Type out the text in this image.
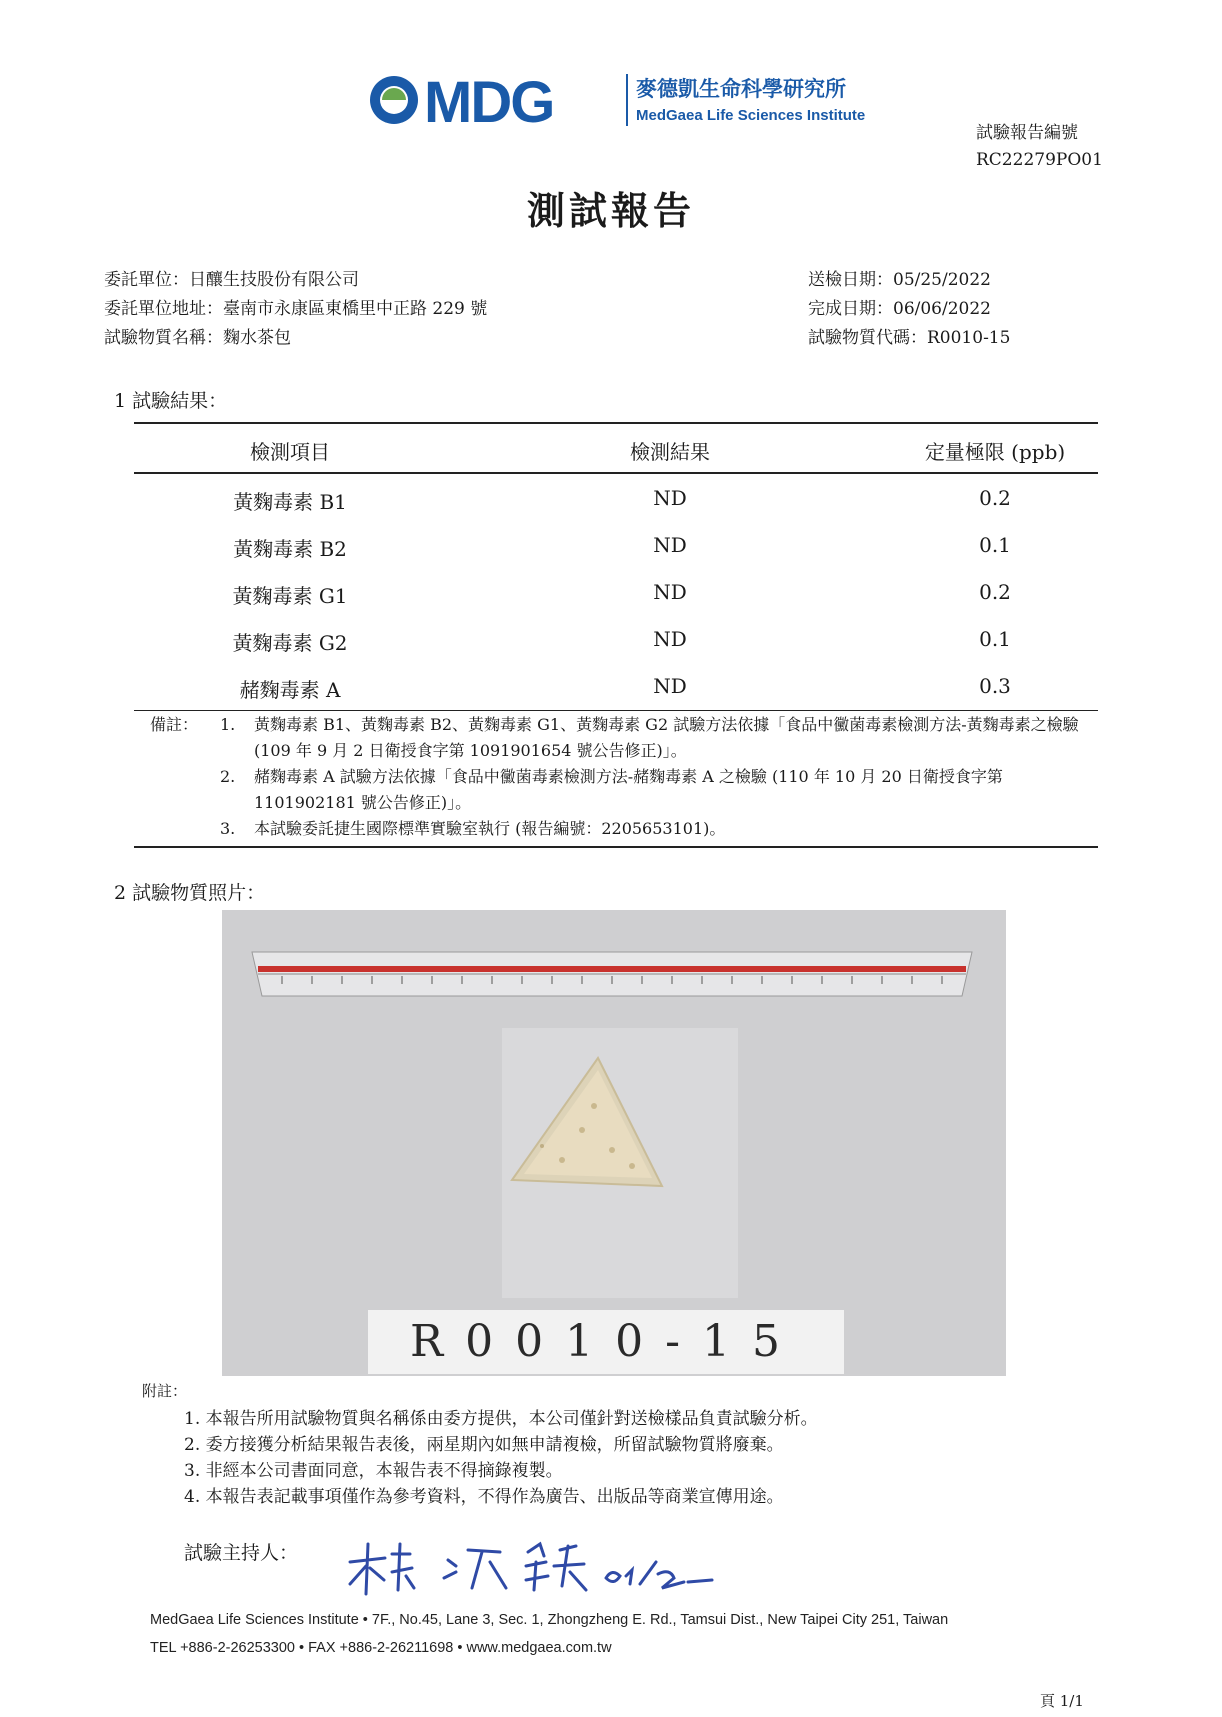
MDG	麥德凱生命科學研究所
MedGaea Life Sciences Institute
試驗報告編號
RC22279PO01
測試報告
委託單位：日釀生技股份有限公司
委託單位地址：臺南市永康區東橋里中正路 229 號
試驗物質名稱：麴水茶包
送檢日期：05/25/2022
完成日期：06/06/2022
試驗物質代碼：R0010-15
1 試驗結果：
檢測項目	檢測結果	定量極限 (ppb)
黃麴毒素 B1	ND	0.2
黃麴毒素 B2	ND	0.1
黃麴毒素 G1	ND	0.2
黃麴毒素 G2	ND	0.1
赭麴毒素 A	ND	0.3
備註：	1.	黃麴毒素 B1、黃麴毒素 B2、黃麴毒素 G1、黃麴毒素 G2 試驗方法依據「食品中黴菌毒素檢測方法-黃麴毒素之檢驗 (109 年 9 月 2 日衛授食字第 1091901654 號公告修正)」。
2.	赭麴毒素 A 試驗方法依據「食品中黴菌毒素檢測方法-赭麴毒素 A 之檢驗 (110 年 10 月 20 日衛授食字第 1101902181 號公告修正)」。
3.	本試驗委託捷生國際標準實驗室執行 (報告編號：2205653101)。
2 試驗物質照片：
R0010-15
附註：
1. 本報告所用試驗物質與名稱係由委方提供，本公司僅針對送檢樣品負責試驗分析。
2. 委方接獲分析結果報告表後，兩星期內如無申請複檢，所留試驗物質將廢棄。
3. 非經本公司書面同意，本報告表不得摘錄複製。
4. 本報告表記載事項僅作為參考資料，不得作為廣告、出版品等商業宣傳用途。
試驗主持人：
MedGaea Life Sciences Institute • 7F., No.45, Lane 3, Sec. 1, Zhongzheng E. Rd., Tamsui Dist., New Taipei City 251, Taiwan
TEL +886-2-26253300 • FAX +886-2-26211698 • www.medgaea.com.tw
頁 1/1
